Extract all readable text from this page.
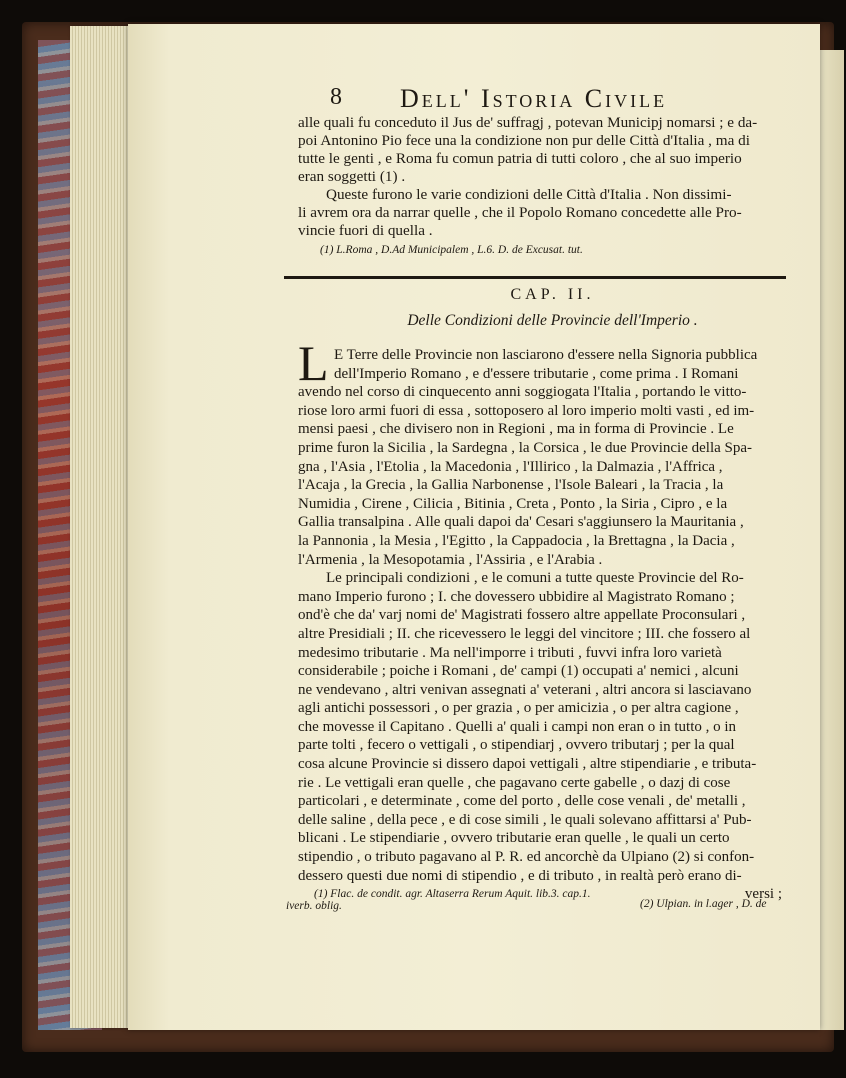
8 Dell' Istoria Civile
alle quali fu conceduto il Jus de' suffragj , potevan Municipj nomarsi ; e da-
poi Antonino Pio fece una la condizione non pur delle Città d'Italia , ma di
tutte le genti , e Roma fu comun patria di tutti coloro , che al suo imperio
eran soggetti (1) .
Queste furono le varie condizioni delle Città d'Italia . Non dissimi-
li avrem ora da narrar quelle , che il Popolo Romano concedette alle Pro-
vincie fuori di quella .
(1) L.Roma , D.Ad Municipalem , L.6. D. de Excusat. tut.
CAP. II.
Delle Condizioni delle Provincie dell'Imperio .
L E Terre delle Provincie non lasciarono d'essere nella Signoria pubblica
dell'Imperio Romano , e d'essere tributarie , come prima . I Romani
avendo nel corso di cinquecento anni soggiogata l'Italia , portando le vitto-
riose loro armi fuori di essa , sottoposero al loro imperio molti vasti , ed im-
mensi paesi , che divisero non in Regioni , ma in forma di Provincie . Le
prime furon la Sicilia , la Sardegna , la Corsica , le due Provincie della Spa-
gna , l'Asia , l'Etolia , la Macedonia , l'Illirico , la Dalmazia , l'Affrica ,
l'Acaja , la Grecia , la Gallia Narbonense , l'Isole Baleari , la Tracia , la
Numidia , Cirene , Cilicia , Bitinia , Creta , Ponto , la Siria , Cipro , e la
Gallia transalpina . Alle quali dapoi da' Cesari s'aggiunsero la Mauritania ,
la Pannonia , la Mesia , l'Egitto , la Cappadocia , la Brettagna , la Dacia ,
l'Armenia , la Mesopotamia , l'Assiria , e l'Arabia .
Le principali condizioni , e le comuni a tutte queste Provincie del Ro-
mano Imperio furono ; I. che dovessero ubbidire al Magistrato Romano ;
ond'è che da' varj nomi de' Magistrati fossero altre appellate Proconsulari ,
altre Presidiali ; II. che ricevessero le leggi del vincitore ; III. che fossero al
medesimo tributarie . Ma nell'imporre i tributi , fuvvi infra loro varietà
considerabile ; poiche i Romani , de' campi (1) occupati a' nemici , alcuni
ne vendevano , altri venivan assegnati a' veterani , altri ancora si lasciavano
agli antichi possessori , o per grazia , o per amicizia , o per altra cagione ,
che movesse il Capitano . Quelli a' quali i campi non eran o in tutto , o in
parte tolti , fecero o vettigali , o stipendiarj , ovvero tributarj ; per la qual
cosa alcune Provincie si dissero dapoi vettigali , altre stipendiarie , e tributa-
rie . Le vettigali eran quelle , che pagavano certe gabelle , o dazj di cose
particolari , e determinate , come del porto , delle cose venali , de' metalli ,
delle saline , della pece , e di cose simili , le quali solevano affittarsi a' Pub-
blicani . Le stipendiarie , ovvero tributarie eran quelle , le quali un certo
stipendio , o tributo pagavano al P. R. ed ancorchè da Ulpiano (2) si confon-
dessero questi due nomi di stipendio , e di tributo , in realtà però erano di-
versi ;
(1) Flac. de condit. agr. Altaserra Rerum Aquit. lib.3. cap.1.
(2) Ulpian. in l.ager , D. de
iverb. oblig.
